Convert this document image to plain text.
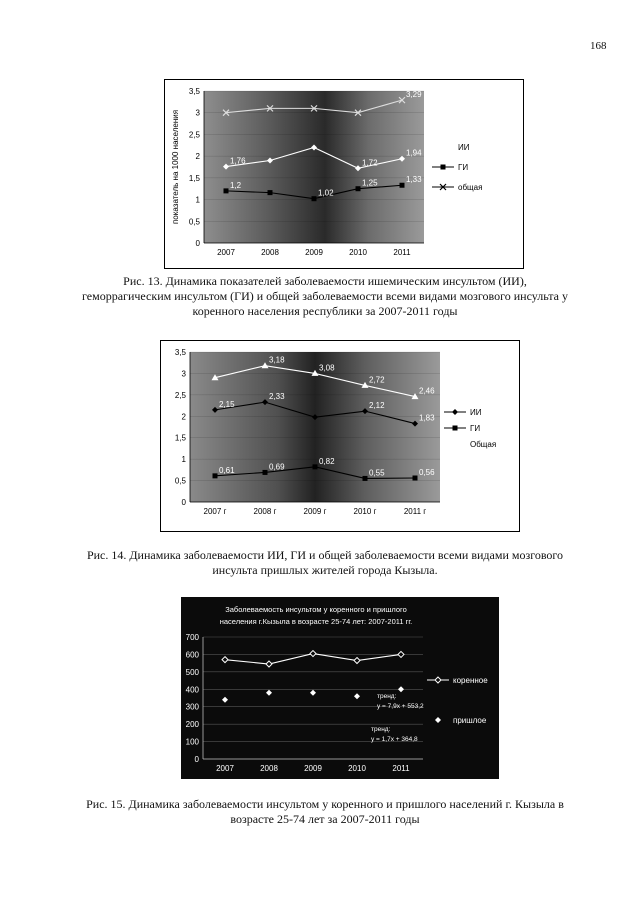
168
показатель на 1000 населения
0
0,5
1
1,5
2
2,5
3
3,5
2007	2008	2009	2010	2011
1,76	1,72
1,94
1,2
1,02
1,25	1,33
3,29
ИИ
ГИ
общая
Рис. 13. Динамика показателей заболеваемости ишемическим инсультом (ИИ), геморрагическим инсультом (ГИ) и общей заболеваемости всеми видами мозгового инсульта у коренного населения республики за 2007-2011 годы
0
0,5
1
1,5
2
2,5
3
3,5
2007 г	2008 г	2009 г	2010 г	2011 г
2,15
2,33
2,12
1,83
0,61	0,69
0,82
0,55	0,56
3,18
3,08
2,72
2,46
ИИ
ГИ
Общая
Рис. 14. Динамика заболеваемости ИИ, ГИ и общей заболеваемости всеми видами мозгового инсульта пришлых жителей города Кызыла.
Заболеваемость инсультом у коренного и пришлого
населения г.Кызыла в возрасте 25-74 лет: 2007-2011 гг.
0
100
200
300
400
500
600
700
2007	2008	2009	2010	2011
тренд:
y = 7,9x + 553,2
тренд:
y = 1,7x + 364,8
коренное
пришлое
Рис. 15. Динамика заболеваемости инсультом у коренного и пришлого населений г. Кызыла в возрасте 25-74 лет за 2007-2011 годы
